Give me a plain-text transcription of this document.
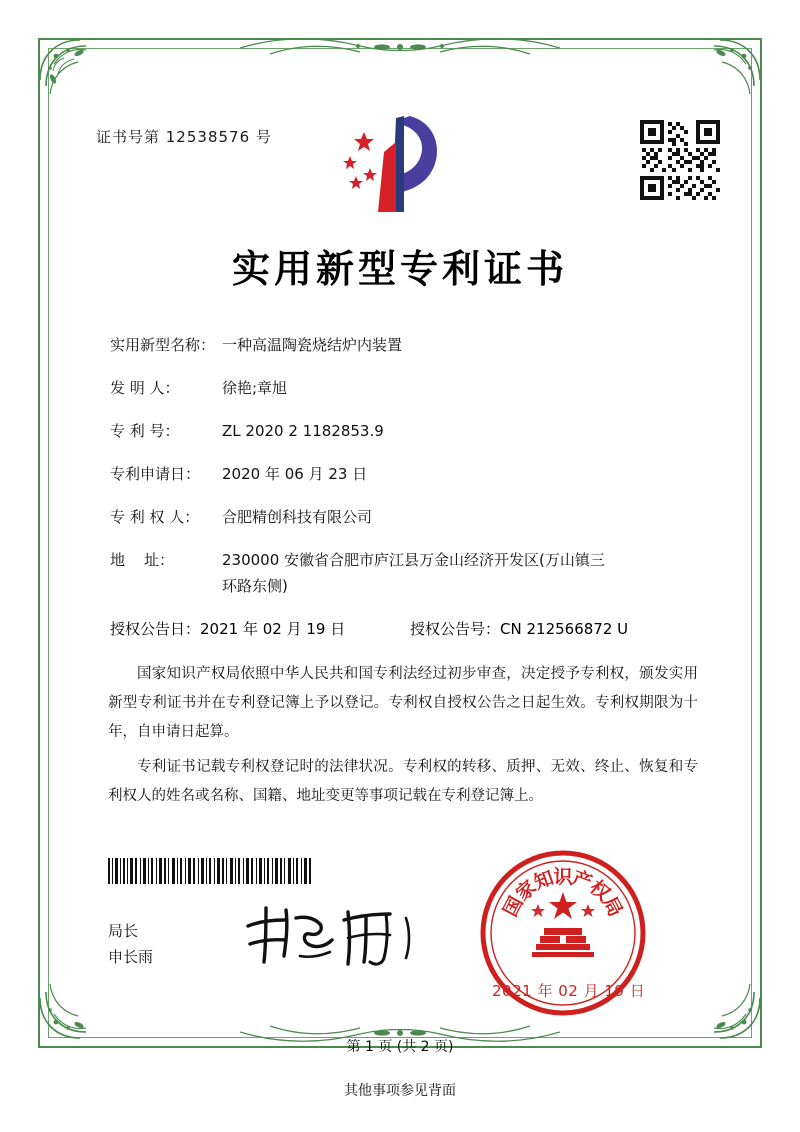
证书号第 12538576 号
实用新型专利证书
实用新型名称： 一种高温陶瓷烧结炉内装置
发 明 人：	徐艳;章旭
专 利 号：	ZL 2020 2 1182853.9
专利申请日：	2020 年 06 月 23 日
专 利 权 人：	合肥精创科技有限公司
地    址：	230000 安徽省合肥市庐江县万金山经济开发区(万山镇三
环路东侧)
授权公告日： 2021 年 02 月 19 日	授权公告号： CN 212566872 U
国家知识产权局依照中华人民共和国专利法经过初步审查，决定授予专利权，颁发实用新型专利证书并在专利登记簿上予以登记。专利权自授权公告之日起生效。专利权期限为十年，自申请日起算。
专利证书记载专利权登记时的法律状况。专利权的转移、质押、无效、终止、恢复和专利权人的姓名或名称、国籍、地址变更等事项记载在专利登记簿上。
局长
申长雨
国
家
知
识
产
权
局
2021 年 02 月 19 日
第 1 页 (共 2 页)
其他事项参见背面
